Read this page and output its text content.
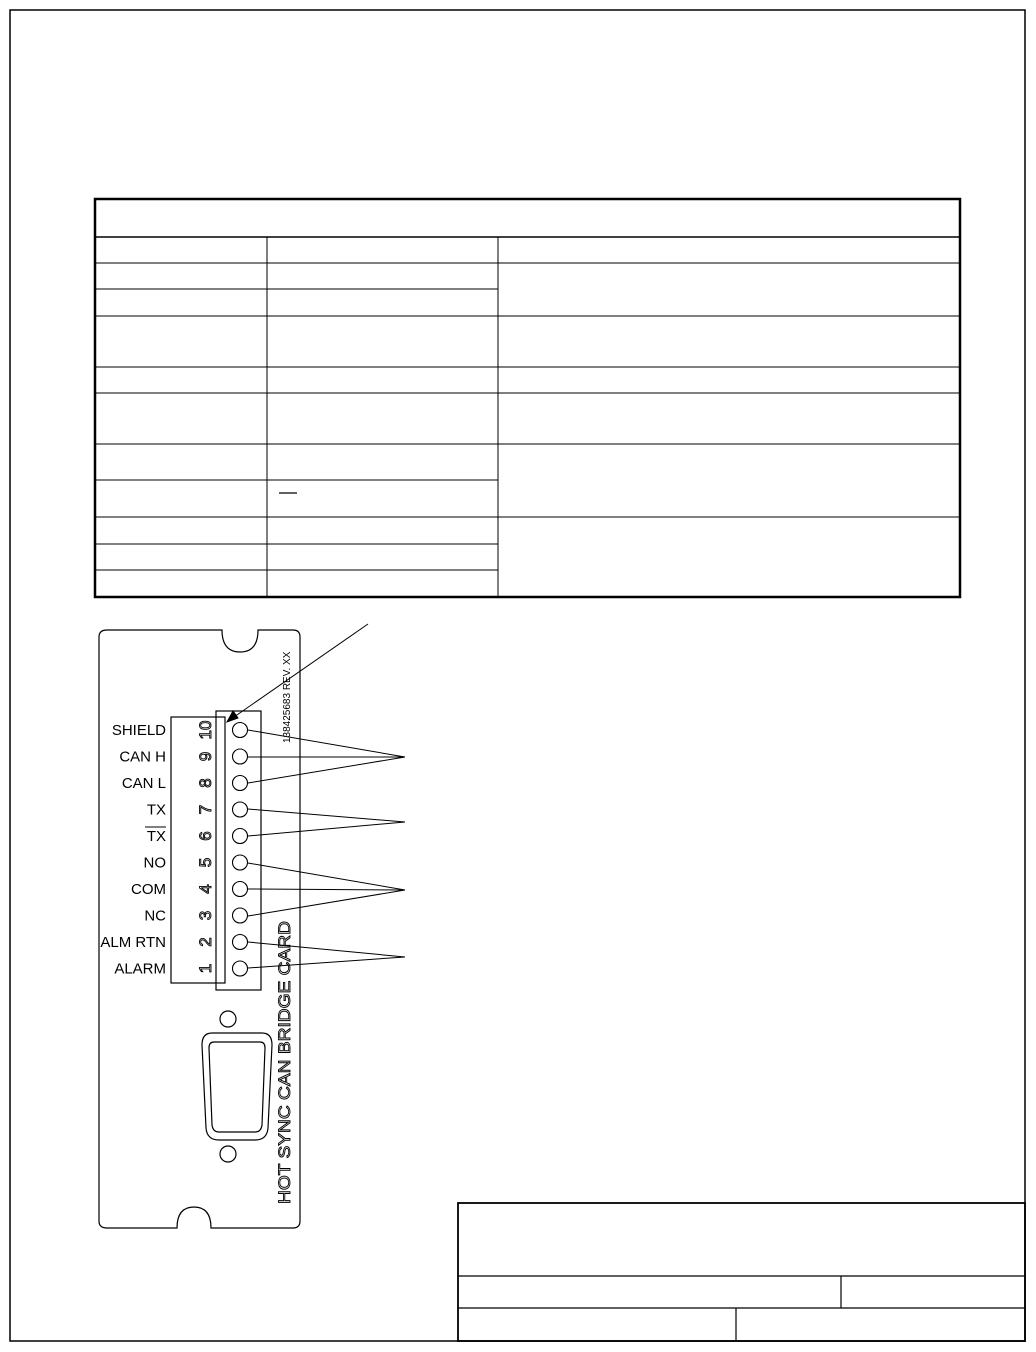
SHIELD 10
CAN H 9
CAN L 8
TX 7
TX 6
NO 5
COM 4
NC 3
ALM RTN 2
ALARM 1
138425683 REV. XX
HOT SYNC CAN BRIDGE CARD
